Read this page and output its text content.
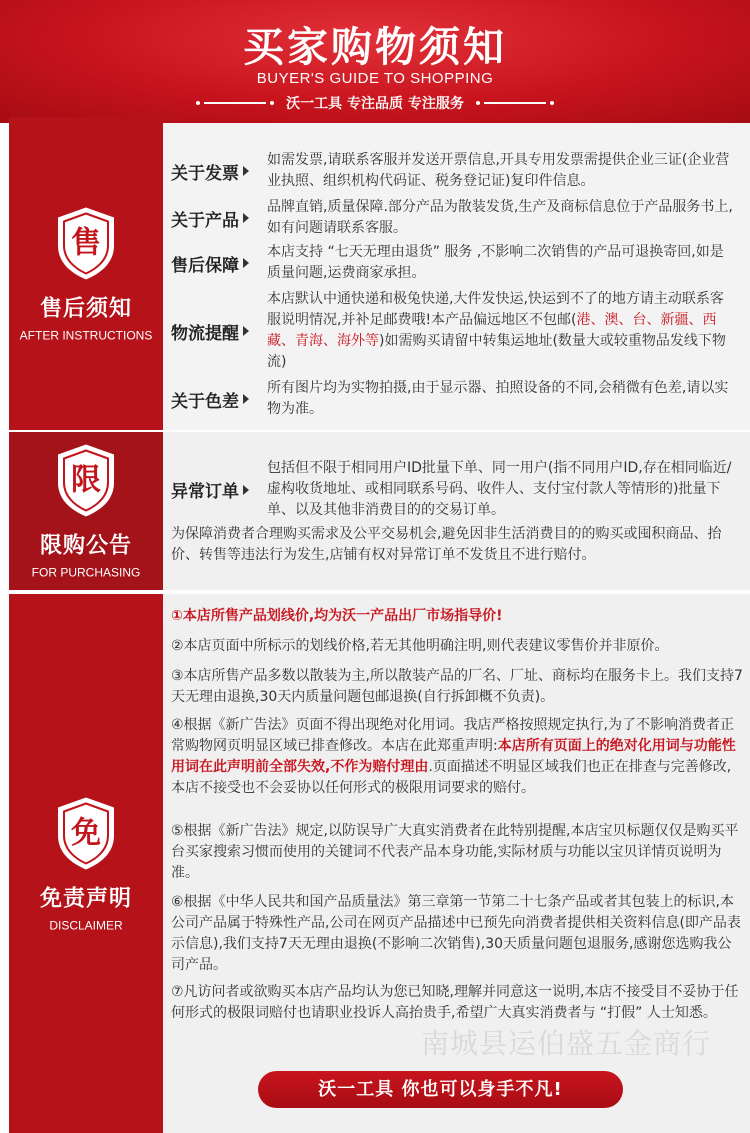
买家购物须知
BUYER'S GUIDE TO SHOPPING
沃一工具 专注品质 专注服务
售
售后须知
AFTER INSTRUCTIONS
关于发票
如需发票,请联系客服并发送开票信息,开具专用发票需提供企业三证(企业营业执照、组织机构代码证、税务登记证)复印件信息。
关于产品
品牌直销,质量保障.部分产品为散装发货,生产及商标信息位于产品服务书上,如有问题请联系客服。
售后保障
本店支持 “七天无理由退货” 服务 ,不影响二次销售的产品可退换寄回,如是质量问题,运费商家承担。
物流提醒
本店默认中通快递和极兔快递,大件发快运,快运到不了的地方请主动联系客服说明情况,并补足邮费哦!本产品偏远地区不包邮(港、澳、台、新疆、西藏、青海、海外等)如需购买请留中转集运地址(数量大或较重物品发线下物流)
关于色差
所有图片均为实物拍摄,由于显示器、拍照设备的不同,会稍微有色差,请以实物为准。
限
限购公告
FOR PURCHASING
异常订单
包括但不限于相同用户ID批量下单、同一用户(指不同用户ID,存在相同临近/虚构收货地址、或相同联系号码、收件人、支付宝付款人等情形的)批量下单、以及其他非消费目的的交易订单。
为保障消费者合理购买需求及公平交易机会,避免因非生活消费目的的购买或囤积商品、抬价、转售等违法行为发生,店铺有权对异常订单不发货且不进行赔付。
免
免责声明
DISCLAIMER
①本店所售产品划线价,均为沃一产品出厂市场指导价!
②本店页面中所标示的划线价格,若无其他明确注明,则代表建议零售价并非原价。
③本店所售产品多数以散装为主,所以散装产品的厂名、厂址、商标均在服务卡上。我们支持7天无理由退换,30天内质量问题包邮退换(自行拆卸概不负责)。
④根据《新广告法》页面不得出现绝对化用词。我店严格按照规定执行,为了不影响消费者正常购物网页明显区域已排查修改。本店在此郑重声明:本店所有页面上的绝对化用词与功能性用词在此声明前全部失效,不作为赔付理由.页面描述不明显区域我们也正在排查与完善修改,本店不接受也不会妥协以任何形式的极限用词要求的赔付。
⑤根据《新广告法》规定,以防误导广大真实消费者在此特别提醒,本店宝贝标题仅仅是购买平台买家搜索习惯而使用的关键词不代表产品本身功能,实际材质与功能以宝贝详情页说明为准。
⑥根据《中华人民共和国产品质量法》第三章第一节第二十七条产品或者其包装上的标识,本公司产品属于特殊性产品,公司在网页产品描述中已预先向消费者提供相关资料信息(即产品表示信息),我们支持7天无理由退换(不影响二次销售),30天质量问题包退服务,感谢您选购我公司产品。
⑦凡访问者或欲购买本店产品均认为您已知晓,理解并同意这一说明,本店不接受目不妥协于任何形式的极限词赔付也请职业投诉人高抬贵手,希望广大真实消费者与 “打假” 人士知悉。
南城县运伯盛五金商行
沃一工具 你也可以身手不凡!
